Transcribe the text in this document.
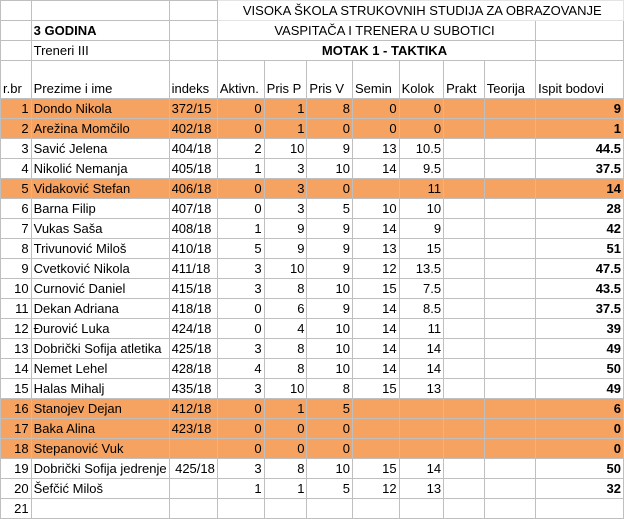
			VISOKA ŠKOLA STRUKOVNIH STUDIJA ZA OBRAZOVANJE							
	3 GODINA		VASPITAČA I TRENERA U SUBOTICI							
	Treneri III		MOTAK 1 - TAKTIKA							
r.br	Prezime i ime	indeks	Aktivn.	Pris P	Pris V	Semin	Kolok	Prakt	Teorija	Ispit bodovi
1	Dondo Nikola	372/15	0	1	8	0	0			9
2	Arežina Momčilo	402/18	0	1	0	0	0			1
3	Savić Jelena	404/18	2	10	9	13	10.5			44.5
4	Nikolić Nemanja	405/18	1	3	10	14	9.5			37.5
5	Vidaković Stefan	406/18	0	3	0		11			14
6	Barna Filip	407/18	0	3	5	10	10			28
7	Vukas Saša	408/18	1	9	9	14	9			42
8	Trivunović Miloš	410/18	5	9	9	13	15			51
9	Cvetković Nikola	411/18	3	10	9	12	13.5			47.5
10	Curnović Daniel	415/18	3	8	10	15	7.5			43.5
11	Dekan Adriana	418/18	0	6	9	14	8.5			37.5
12	Đurović Luka	424/18	0	4	10	14	11			39
13	Dobrički Sofija atletika	425/18	3	8	10	14	14			49
14	Nemet Lehel	428/18	4	8	10	14	14			50
15	Halas Mihalj	435/18	3	10	8	15	13			49
16	Stanojev Dejan	412/18	0	1	5					6
17	Baka Alina	423/18	0	0	0					0
18	Stepanović Vuk		0	0	0					0
19	Dobrički Sofija jedrenje	425/18	3	8	10	15	14			50
20	Šefčić Miloš		1	1	5	12	13			32
21										
